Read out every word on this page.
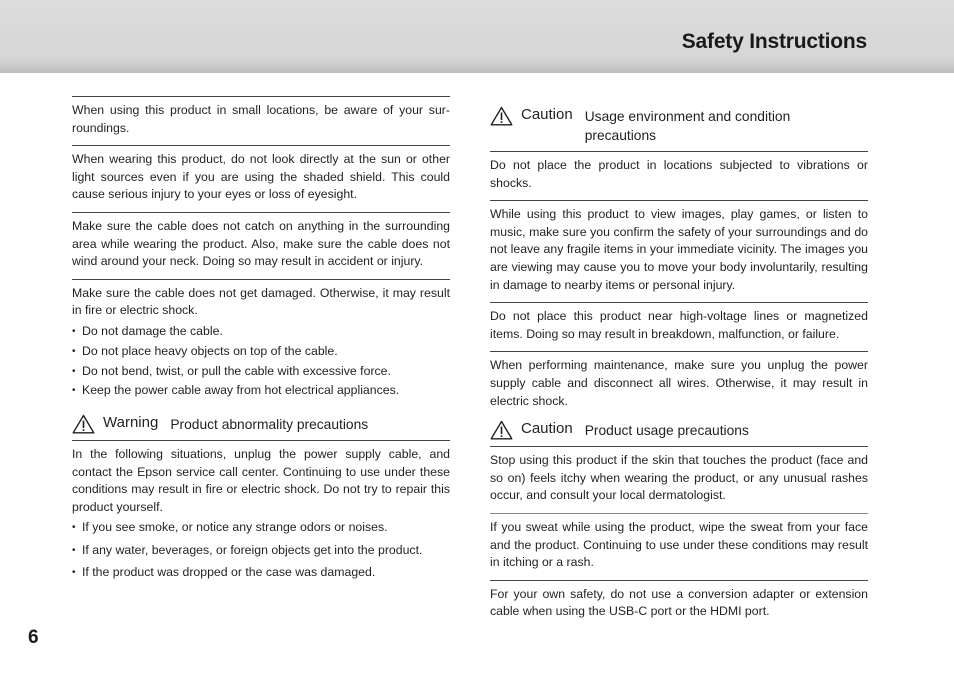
Safety Instructions

When using this product in small locations, be aware of your surroundings.

When wearing this product, do not look directly at the sun or other light sources even if you are using the shaded shield. This could cause serious injury to your eyes or loss of eyesight.

Make sure the cable does not catch on anything in the surrounding area while wearing the product. Also, make sure the cable does not wind around your neck. Doing so may result in accident or injury.

Make sure the cable does not get damaged. Otherwise, it may result in fire or electric shock.

• Do not damage the cable.
• Do not place heavy objects on top of the cable.
• Do not bend, twist, or pull the cable with excessive force.
• Keep the power cable away from hot electrical appliances.
Warning Product abnormality precautions

In the following situations, unplug the power supply cable, and contact the Epson service call center. Continuing to use under these conditions may result in fire or electric shock. Do not try to repair this product yourself.

• If you see smoke, or notice any strange odors or noises.
• If any water, beverages, or foreign objects get into the product.
• If the product was dropped or the case was damaged.
Caution Usage environment and condition precautions

Do not place the product in locations subjected to vibrations or shocks.

While using this product to view images, play games, or listen to music, make sure you confirm the safety of your surroundings and do not leave any fragile items in your immediate vicinity. The images you are viewing may cause you to move your body involuntarily, resulting in damage to nearby items or personal injury.

Do not place this product near high-voltage lines or magnetized items. Doing so may result in breakdown, malfunction, or failure.

When performing maintenance, make sure you unplug the power supply cable and disconnect all wires. Otherwise, it may result in electric shock.

Caution Product usage precautions

Stop using this product if the skin that touches the product (face and so on) feels itchy when wearing the product, or any unusual rashes occur, and consult your local dermatologist.

If you sweat while using the product, wipe the sweat from your face and the product. Continuing to use under these conditions may result in itching or a rash.

For your own safety, do not use a conversion adapter or extension cable when using the USB-C port or the HDMI port.

6
